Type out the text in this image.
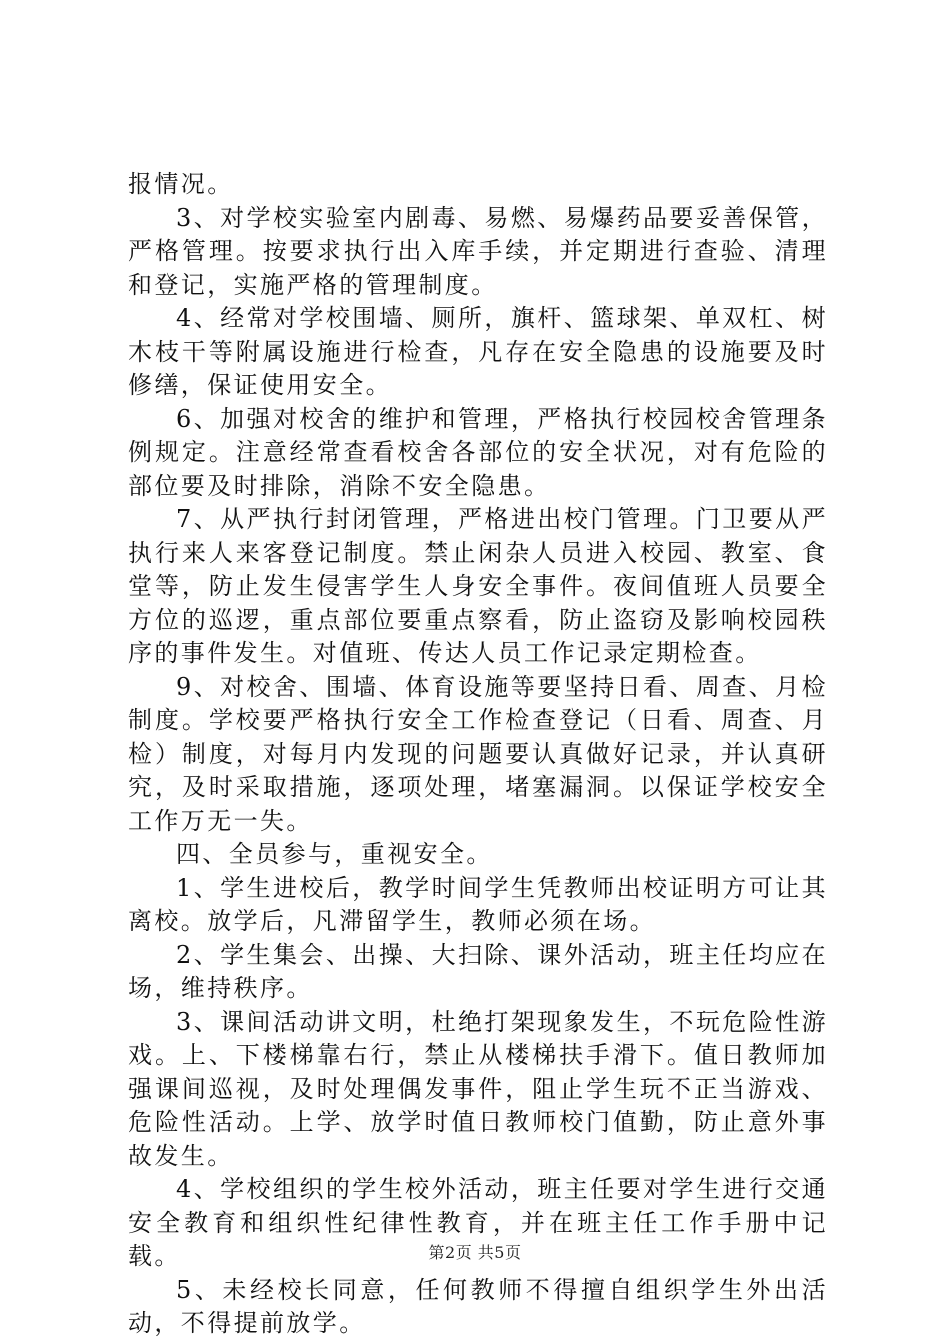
报情况。

3、对学校实验室内剧毒、易燃、易爆药品要妥善保管，严格管理。按要求执行出入库手续，并定期进行查验、清理和登记，实施严格的管理制度。

4、经常对学校围墙、厕所，旗杆、篮球架、单双杠、树木枝干等附属设施进行检查，凡存在安全隐患的设施要及时修缮，保证使用安全。

6、加强对校舍的维护和管理，严格执行校园校舍管理条例规定。注意经常查看校舍各部位的安全状况，对有危险的部位要及时排除，消除不安全隐患。

7、从严执行封闭管理，严格进出校门管理。门卫要从严执行来人来客登记制度。禁止闲杂人员进入校园、教室、食堂等，防止发生侵害学生人身安全事件。夜间值班人员要全方位的巡逻，重点部位要重点察看，防止盗窃及影响校园秩序的事件发生。对值班、传达人员工作记录定期检查。

9、对校舍、围墙、体育设施等要坚持日看、周查、月检制度。学校要严格执行安全工作检查登记（日看、周查、月检）制度，对每月内发现的问题要认真做好记录，并认真研究，及时采取措施，逐项处理，堵塞漏洞。以保证学校安全工作万无一失。

四、全员参与，重视安全。

1、学生进校后，教学时间学生凭教师出校证明方可让其离校。放学后，凡滞留学生，教师必须在场。

2、学生集会、出操、大扫除、课外活动，班主任均应在场，维持秩序。

3、课间活动讲文明，杜绝打架现象发生，不玩危险性游戏。上、下楼梯靠右行，禁止从楼梯扶手滑下。值日教师加强课间巡视，及时处理偶发事件，阻止学生玩不正当游戏、危险性活动。上学、放学时值日教师校门值勤，防止意外事故发生。

4、学校组织的学生校外活动，班主任要对学生进行交通安全教育和组织性纪律性教育，并在班主任工作手册中记载。

5、未经校长同意，任何教师不得擅自组织学生外出活动，不得提前放学。

第2页 共5页
